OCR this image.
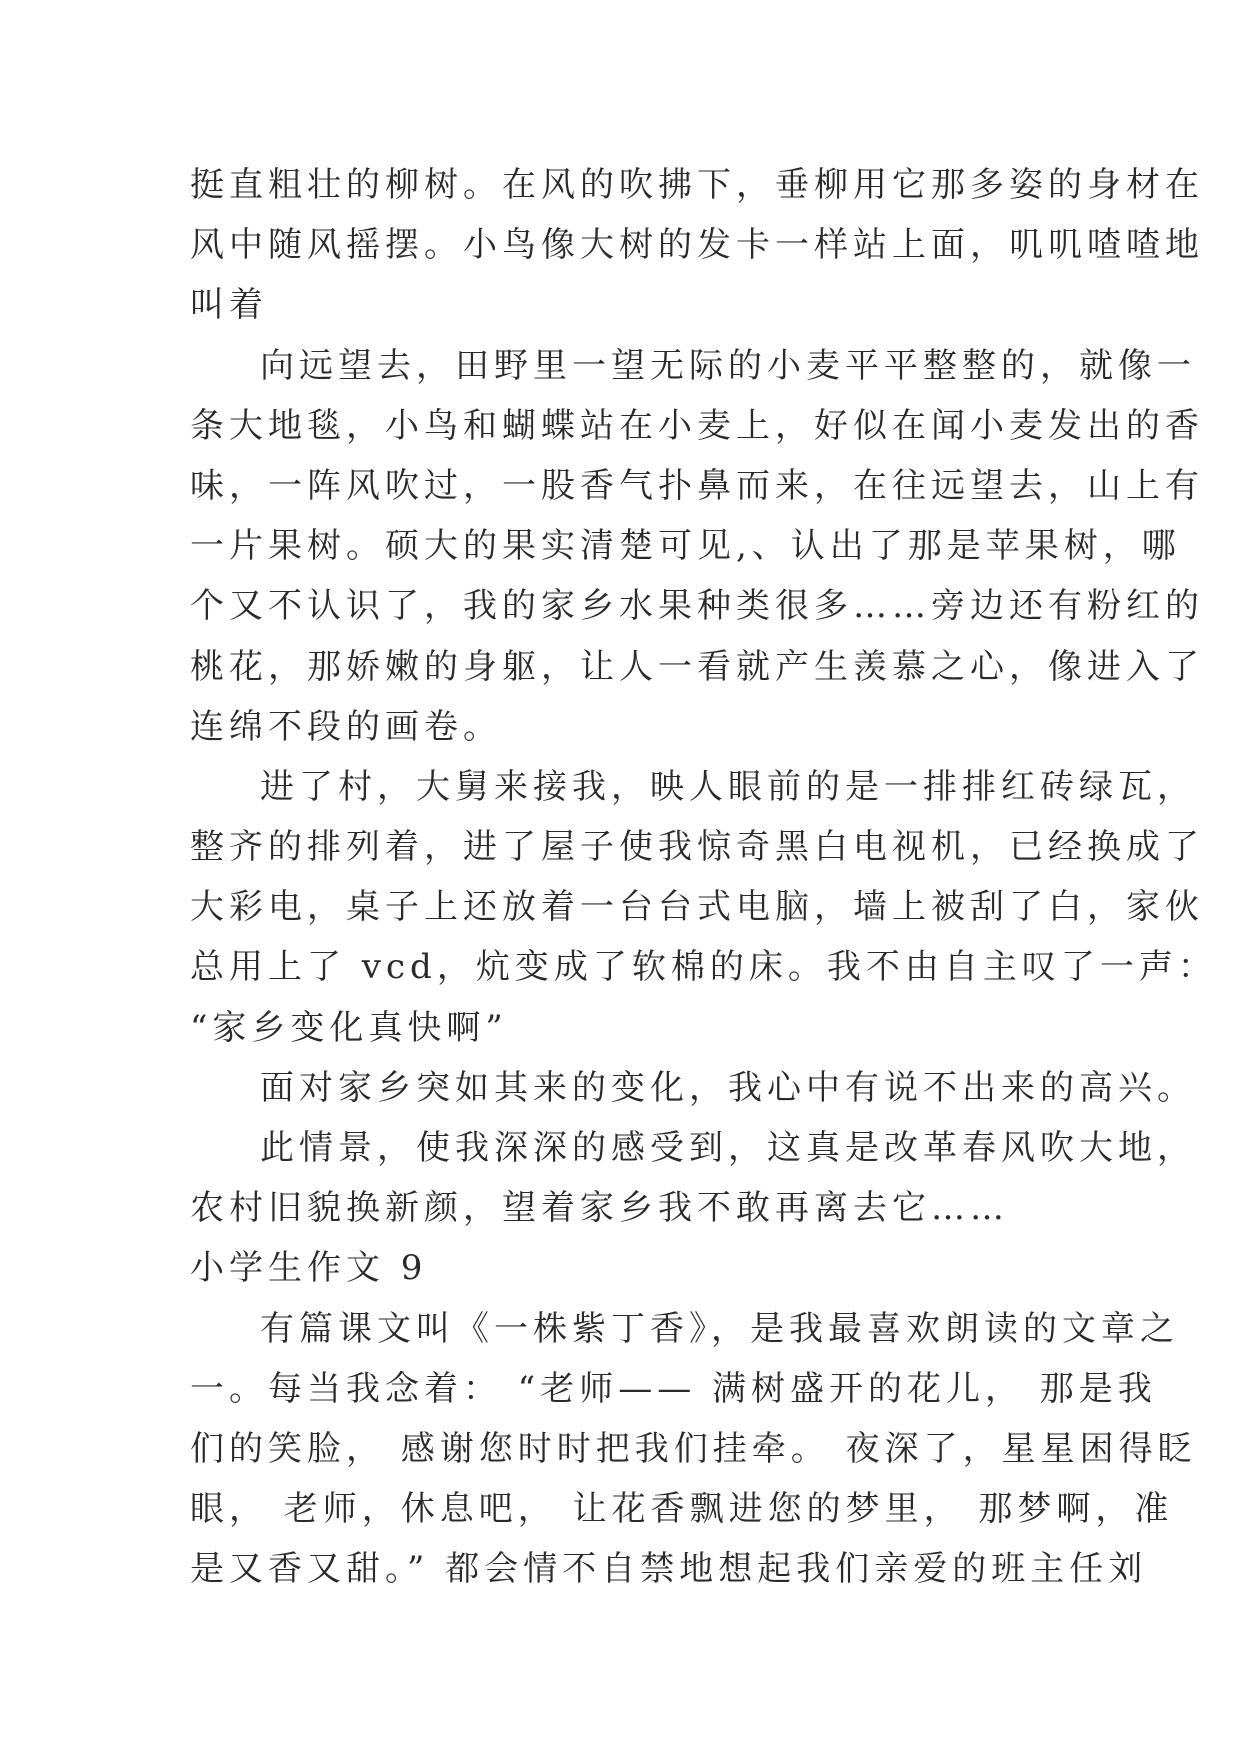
挺直粗壮的柳树。在风的吹拂下，垂柳用它那多姿的身材在
风中随风摇摆。小鸟像大树的发卡一样站上面，叽叽喳喳地
叫着
向远望去，田野里一望无际的小麦平平整整的，就像一
条大地毯，小鸟和蝴蝶站在小麦上，好似在闻小麦发出的香
味，一阵风吹过，一股香气扑鼻而来，在往远望去，山上有
一片果树。硕大的果实清楚可见,、认出了那是苹果树，哪
个又不认识了，我的家乡水果种类很多……旁边还有粉红的
桃花，那娇嫩的身躯，让人一看就产生羡慕之心，像进入了
连绵不段的画卷。
进了村，大舅来接我，映人眼前的是一排排红砖绿瓦，
整齐的排列着，进了屋子使我惊奇黑白电视机，已经换成了
大彩电，桌子上还放着一台台式电脑，墙上被刮了白，家伙
总用上了 vcd，炕变成了软棉的床。我不由自主叹了一声：
“家乡变化真快啊”
面对家乡突如其来的变化，我心中有说不出来的高兴。
此情景，使我深深的感受到，这真是改革春风吹大地，
农村旧貌换新颜，望着家乡我不敢再离去它……
小学生作文 9
有篇课文叫《一株紫丁香》，是我最喜欢朗读的文章之
一。每当我念着： “老师—— 满树盛开的花儿， 那是我
们的笑脸， 感谢您时时把我们挂牵。 夜深了，星星困得眨
眼， 老师，休息吧， 让花香飘进您的梦里， 那梦啊，准
是又香又甜。” 都会情不自禁地想起我们亲爱的班主任刘
